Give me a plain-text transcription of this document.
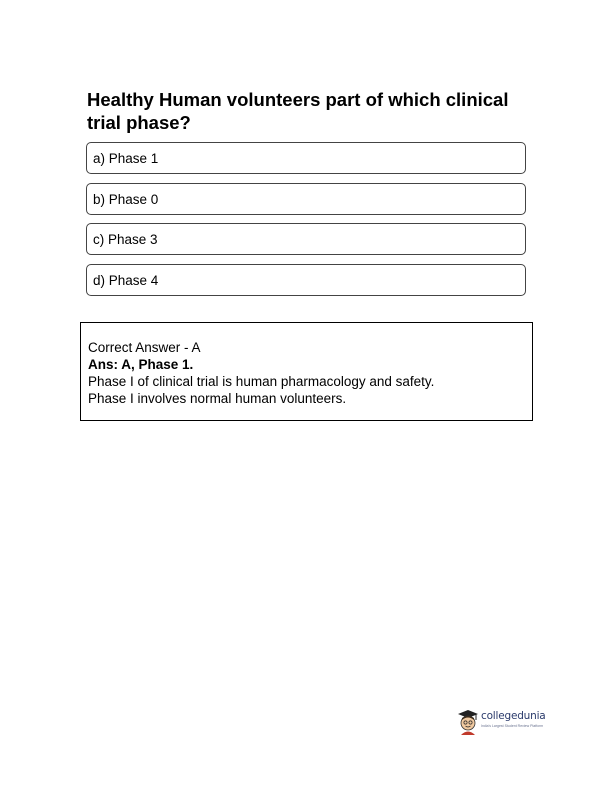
Healthy Human volunteers part of which clinical trial phase?
a) Phase 1
b) Phase 0
c) Phase 3
d) Phase 4
Correct Answer - A
Ans: A, Phase 1.
Phase I of clinical trial is human pharmacology and safety.
Phase I involves normal human volunteers.
collegedunia
India's Largest Student Review Platform
